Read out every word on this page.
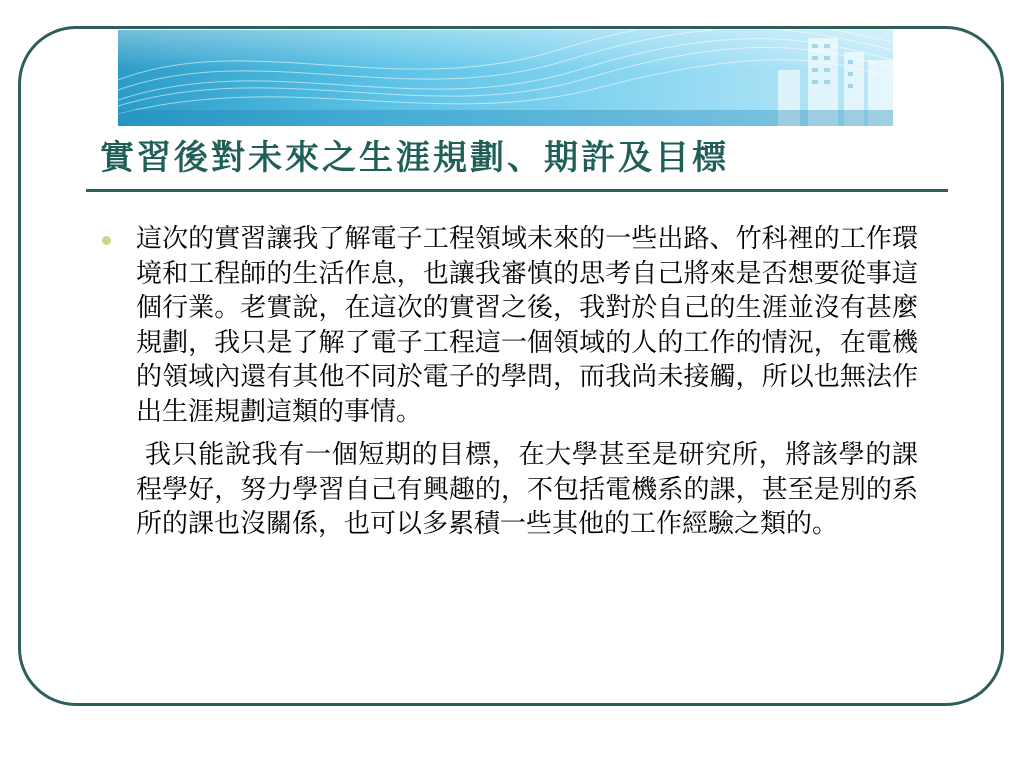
實習後對未來之生涯規劃、期許及目標

這次的實習讓我了解電子工程領域未來的一些出路、竹科裡的工作環境和工程師的生活作息，也讓我審慎的思考自己將來是否想要從事這個行業。老實說，在這次的實習之後，我對於自己的生涯並沒有甚麼規劃，我只是了解了電子工程這一個領域的人的工作的情況，在電機的領域內還有其他不同於電子的學問，而我尚未接觸，所以也無法作出生涯規劃這類的事情。

我只能說我有一個短期的目標，在大學甚至是研究所，將該學的課程學好，努力學習自己有興趣的，不包括電機系的課，甚至是別的系所的課也沒關係，也可以多累積一些其他的工作經驗之類的。
